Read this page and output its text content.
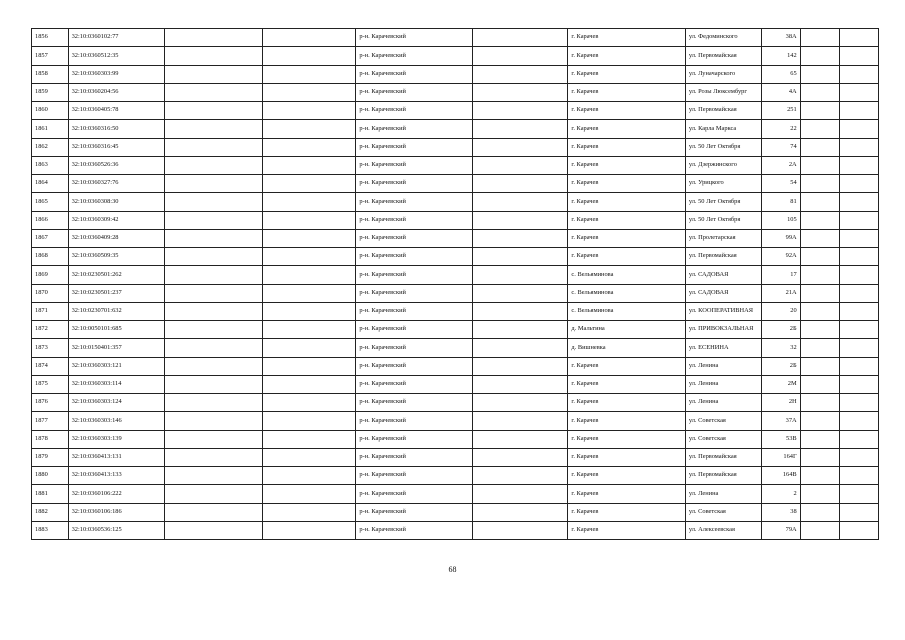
1856	32:10:0360102:77			р-н. Карачевский		г. Карачев	ул. Федоминского	38А		
1857	32:10:0360512:35			р-н. Карачевский		г. Карачев	ул. Первомайская	142		
1858	32:10:0360303:99			р-н. Карачевский		г. Карачев	ул. Луначарского	65		
1859	32:10:0360204:56			р-н. Карачевский		г. Карачев	ул. Розы Люксембург	4А		
1860	32:10:0360405:78			р-н. Карачевский		г. Карачев	ул. Первомайская	251		
1861	32:10:0360316:50			р-н. Карачевский		г. Карачев	ул. Карла Маркса	22		
1862	32:10:0360316:45			р-н. Карачевский		г. Карачев	ул. 50 Лет Октября	74		
1863	32:10:0360526:36			р-н. Карачевский		г. Карачев	ул. Дзержинского	2А		
1864	32:10:0360327:76			р-н. Карачевский		г. Карачев	ул. Урицкого	54		
1865	32:10:0360308:30			р-н. Карачевский		г. Карачев	ул. 50 Лет Октября	81		
1866	32:10:0360309:42			р-н. Карачевский		г. Карачев	ул. 50 Лет Октября	105		
1867	32:10:0360409:28			р-н. Карачевский		г. Карачев	ул. Пролетарская	99А		
1868	32:10:0360509:35			р-н. Карачевский		г. Карачев	ул. Первомайская	92А		
1869	32:10:0230501:262			р-н. Карачевский		с. Вельяминова	ул. САДОВАЯ	17		
1870	32:10:0230501:237			р-н. Карачевский		с. Вельяминова	ул. САДОВАЯ	21А		
1871	32:10:0230701:632			р-н. Карачевский		с. Вельяминова	ул. КООПЕРАТИВНАЯ	20		
1872	32:10:0050101:685			р-н. Карачевский		д. Мальтина	ул. ПРИВОКЗАЛЬНАЯ	2Б		
1873	32:10:0150401:357			р-н. Карачевский		д. Вишневка	ул. ЕСЕНИНА	32		
1874	32:10:0360303:121			р-н. Карачевский		г. Карачев	ул. Ленина	2Б		
1875	32:10:0360303:114			р-н. Карачевский		г. Карачев	ул. Ленина	2М		
1876	32:10:0360303:124			р-н. Карачевский		г. Карачев	ул. Ленина	2Н		
1877	32:10:0360303:146			р-н. Карачевский		г. Карачев	ул. Советская	37А		
1878	32:10:0360303:139			р-н. Карачевский		г. Карачев	ул. Советская	53В		
1879	32:10:0360413:131			р-н. Карачевский		г. Карачев	ул. Первомайская	164Г		
1880	32:10:0360413:133			р-н. Карачевский		г. Карачев	ул. Первомайская	164В		
1881	32:10:0360106:222			р-н. Карачевский		г. Карачев	ул. Ленина	2		
1882	32:10:0360106:186			р-н. Карачевский		г. Карачев	ул. Советская	38		
1883	32:10:0360536:125			р-н. Карачевский		г. Карачев	ул. Алексеевская	79А		
68
